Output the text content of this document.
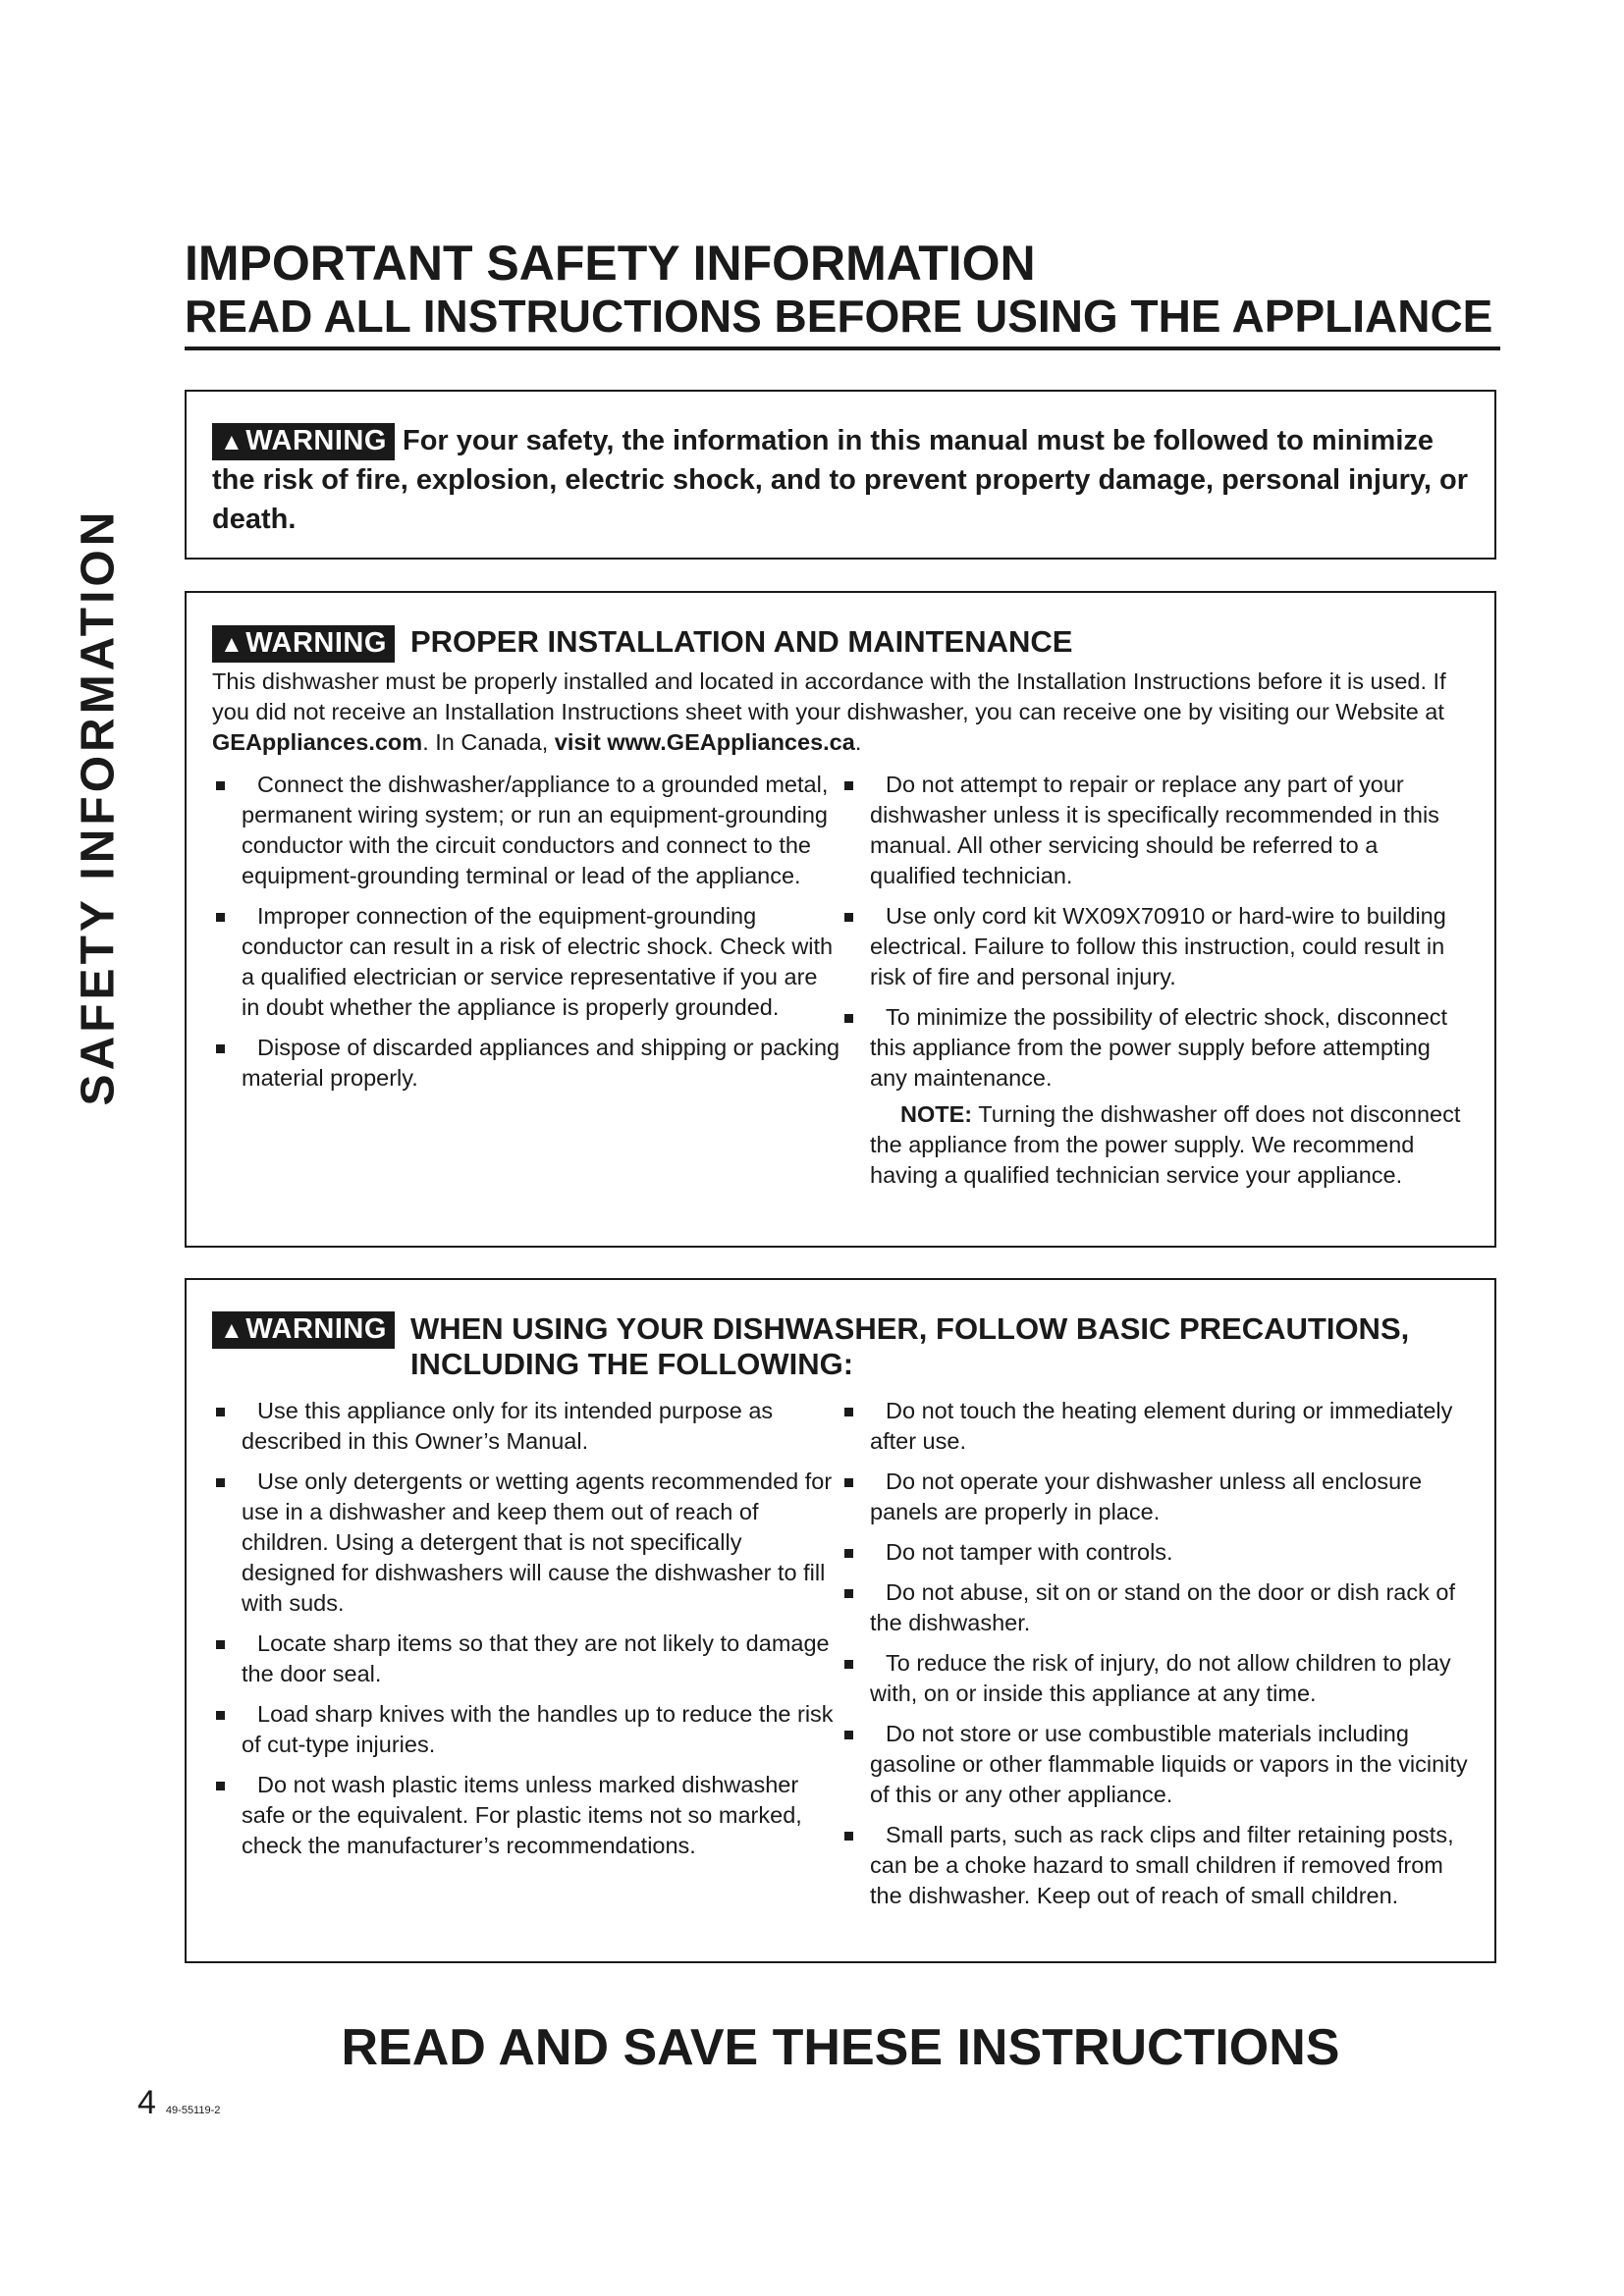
SAFETY INFORMATION
IMPORTANT SAFETY INFORMATION
READ ALL INSTRUCTIONS BEFORE USING THE APPLIANCE
▲WARNING For your safety, the information in this manual must be followed to minimize the risk of fire, explosion, electric shock, and to prevent property damage, personal injury, or death.
▲WARNING PROPER INSTALLATION AND MAINTENANCE
This dishwasher must be properly installed and located in accordance with the Installation Instructions before it is used. If you did not receive an Installation Instructions sheet with your dishwasher, you can receive one by visiting our Website at GEAppliances.com. In Canada, visit www.GEAppliances.ca.
Connect the dishwasher/appliance to a grounded metal, permanent wiring system; or run an equipment-grounding conductor with the circuit conductors and connect to the equipment-grounding terminal or lead of the appliance.
Improper connection of the equipment-grounding conductor can result in a risk of electric shock. Check with a qualified electrician or service representative if you are in doubt whether the appliance is properly grounded.
Dispose of discarded appliances and shipping or packing material properly.
Do not attempt to repair or replace any part of your dishwasher unless it is specifically recommended in this manual. All other servicing should be referred to a qualified technician.
Use only cord kit WX09X70910 or hard-wire to building electrical. Failure to follow this instruction, could result in risk of fire and personal injury.
To minimize the possibility of electric shock, disconnect this appliance from the power supply before attempting any maintenance.
NOTE: Turning the dishwasher off does not disconnect the appliance from the power supply. We recommend having a qualified technician service your appliance.
▲WARNING WHEN USING YOUR DISHWASHER, FOLLOW BASIC PRECAUTIONS, INCLUDING THE FOLLOWING:
Use this appliance only for its intended purpose as described in this Owner’s Manual.
Use only detergents or wetting agents recommended for use in a dishwasher and keep them out of reach of children. Using a detergent that is not specifically designed for dishwashers will cause the dishwasher to fill with suds.
Locate sharp items so that they are not likely to damage the door seal.
Load sharp knives with the handles up to reduce the risk of cut-type injuries.
Do not wash plastic items unless marked dishwasher safe or the equivalent. For plastic items not so marked, check the manufacturer’s recommendations.
Do not touch the heating element during or immediately after use.
Do not operate your dishwasher unless all enclosure panels are properly in place.
Do not tamper with controls.
Do not abuse, sit on or stand on the door or dish rack of the dishwasher.
To reduce the risk of injury, do not allow children to play with, on or inside this appliance at any time.
Do not store or use combustible materials including gasoline or other flammable liquids or vapors in the vicinity of this or any other appliance.
Small parts, such as rack clips and filter retaining posts, can be a choke hazard to small children if removed from the dishwasher. Keep out of reach of small children.
READ AND SAVE THESE INSTRUCTIONS
4 49-55119-2
